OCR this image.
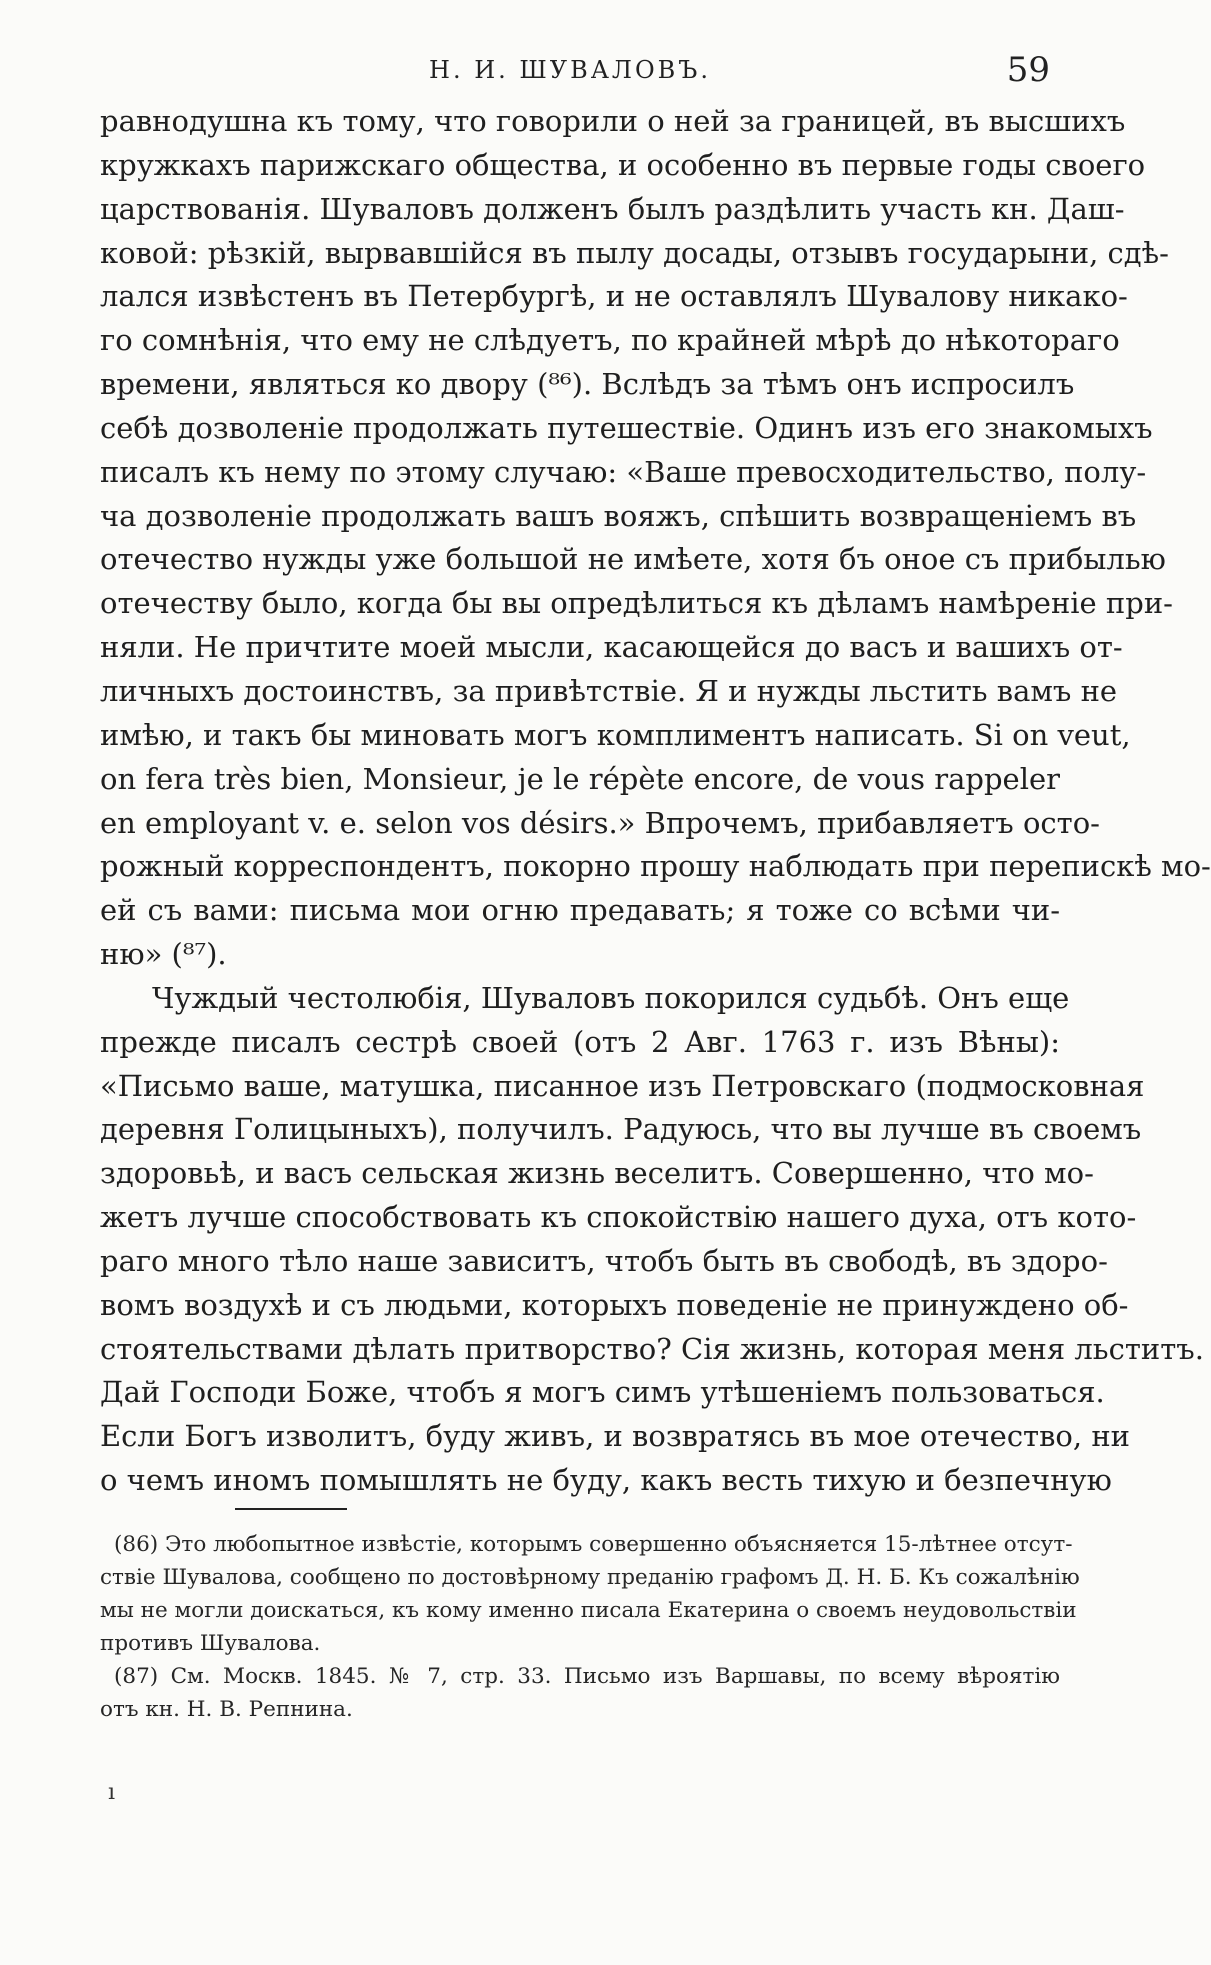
Н. И. ШУВАЛОВЪ.	59
равнодушна къ тому, что говорили о ней за границей, въ высшихъ
кружкахъ парижскаго общества, и особенно въ первые годы своего
царствованія. Шуваловъ долженъ былъ раздѣлить участь кн. Даш-
ковой: рѣзкій, вырвавшійся въ пылу досады, отзывъ государыни, сдѣ-
лался извѣстенъ въ Петербургѣ, и не оставлялъ Шувалову никако-
го сомнѣнія, что ему не слѣдуетъ, по крайней мѣрѣ до нѣкотораго
времени, являться ко двору (⁸⁶). Вслѣдъ за тѣмъ онъ испросилъ
себѣ дозволеніе продолжать путешествіе. Одинъ изъ его знакомыхъ
писалъ къ нему по этому случаю: «Ваше превосходительство, полу-
ча дозволеніе продолжать вашъ вояжъ, спѣшить возвращеніемъ въ
отечество нужды уже большой не имѣете, хотя бъ оное съ прибылью
отечеству было, когда бы вы опредѣлиться къ дѣламъ намѣреніе при-
няли. Не причтите моей мысли, касающейся до васъ и вашихъ от-
личныхъ достоинствъ, за привѣтствіе. Я и нужды льстить вамъ не
имѣю, и такъ бы миновать могъ комплиментъ написать. Si on veut,
on fera très bien, Monsieur, je le répète encore, de vous rappeler
en employant v. e. selon vos désirs.» Впрочемъ, прибавляетъ осто-
рожный корреспондентъ, покорно прошу наблюдать при перепискѣ мо-
ей съ вами: письма мои огню предавать; я тоже со всѣми чи-
ню» (⁸⁷).
Чуждый честолюбія, Шуваловъ покорился судьбѣ. Онъ еще
прежде писалъ сестрѣ своей (отъ 2 Авг. 1763 г. изъ Вѣны):
«Письмо ваше, матушка, писанное изъ Петровскаго (подмосковная
деревня Голицыныхъ), получилъ. Радуюсь, что вы лучше въ своемъ
здоровьѣ, и васъ сельская жизнь веселитъ. Совершенно, что мо-
жетъ лучше способствовать къ спокойствію нашего духа, отъ кото-
раго много тѣло наше зависитъ, чтобъ быть въ свободѣ, въ здоро-
вомъ воздухѣ и съ людьми, которыхъ поведеніе не принуждено об-
стоятельствами дѣлать притворство? Сія жизнь, которая меня льститъ.
Дай Господи Боже, чтобъ я могъ симъ утѣшеніемъ пользоваться.
Если Богъ изволитъ, буду живъ, и возвратясь въ мое отечество, ни
о чемъ иномъ помышлять не буду, какъ весть тихую и безпечную
(86) Это любопытное извѣстіе, которымъ совершенно объясняется 15-лѣтнее отсут-
ствіе Шувалова, сообщено по достовѣрному преданію графомъ Д. Н. Б. Къ сожалѣнію
мы не могли доискаться, къ кому именно писала Екатерина о своемъ неудовольствіи
противъ Шувалова.
(87) См. Москв. 1845. № 7, стр. 33. Письмо изъ Варшавы, по всему вѣроятію
отъ кн. Н. В. Репнина.
ı
